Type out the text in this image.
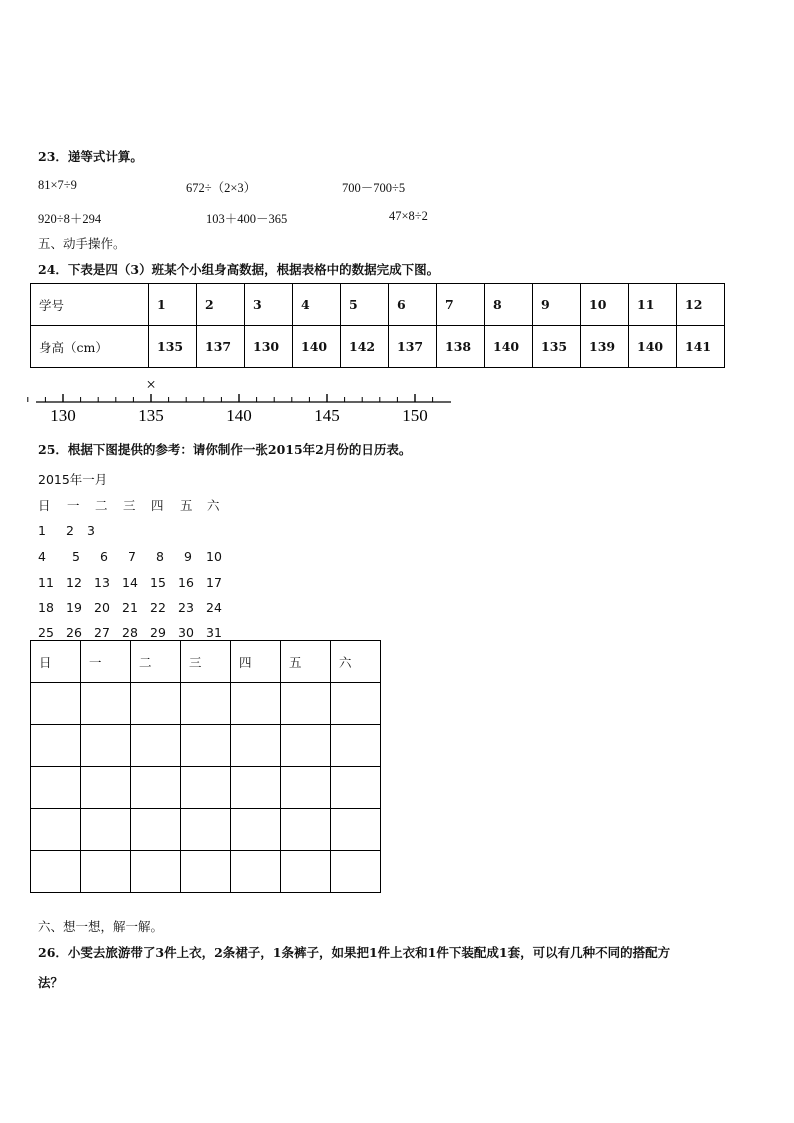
23．递等式计算。
81×7÷9	672÷（2×3）	700－700÷5
920÷8＋294	103＋400－365	47×8÷2
五、动手操作。
24．下表是四（3）班某个小组身高数据，根据表格中的数据完成下图。
学号	1	2	3	4	5	6	7	8	9	10	11	12
身高（cm）	135	137	130	140	142	137	138	140	135	139	140	141
×
130	135	140	145	150
25．根据下图提供的参考：请你制作一张2015年2月份的日历表。
2015年一月
日 一 二 三 四 五 六
1 2 3
4 5 6 7 8 9 10
11 12 13 14 15 16 17
18 19 20 21 22 23 24
25 26 27 28 29 30 31
日	一	二	三	四	五	六

六、想一想，解一解。
26．小雯去旅游带了3件上衣，2条裙子，1条裤子，如果把1件上衣和1件下装配成1套，可以有几种不同的搭配方
法？
